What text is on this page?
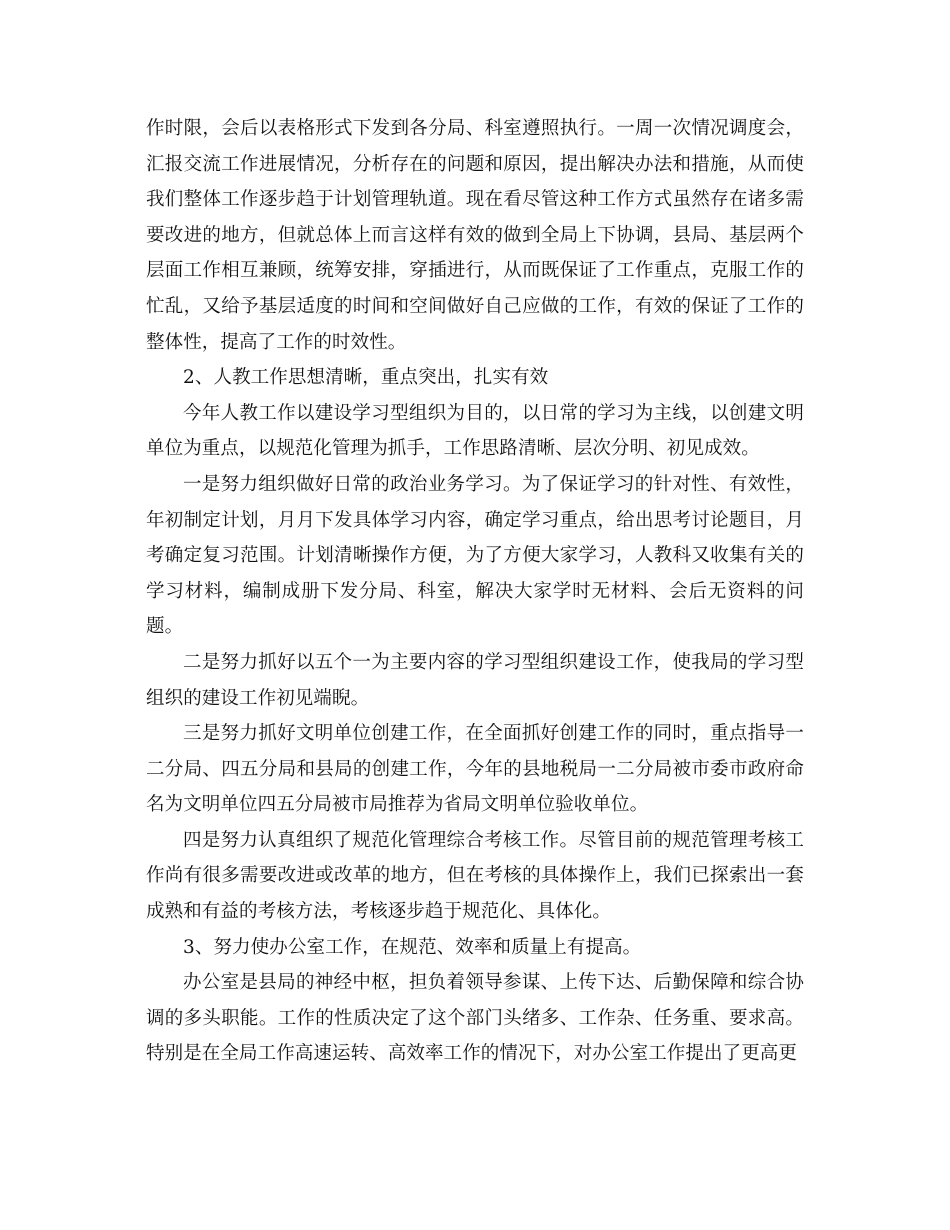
作时限，会后以表格形式下发到各分局、科室遵照执行。一周一次情况调度会，汇报交流工作进展情况，分析存在的问题和原因，提出解决办法和措施，从而使我们整体工作逐步趋于计划管理轨道。现在看尽管这种工作方式虽然存在诸多需要改进的地方，但就总体上而言这样有效的做到全局上下协调，县局、基层两个层面工作相互兼顾，统筹安排，穿插进行，从而既保证了工作重点，克服工作的忙乱，又给予基层适度的时间和空间做好自己应做的工作，有效的保证了工作的整体性，提高了工作的时效性。

2、人教工作思想清晰，重点突出，扎实有效

今年人教工作以建设学习型组织为目的，以日常的学习为主线，以创建文明单位为重点，以规范化管理为抓手，工作思路清晰、层次分明、初见成效。

一是努力组织做好日常的政治业务学习。为了保证学习的针对性、有效性，年初制定计划，月月下发具体学习内容，确定学习重点，给出思考讨论题目，月考确定复习范围。计划清晰操作方便，为了方便大家学习，人教科又收集有关的学习材料，编制成册下发分局、科室，解决大家学时无材料、会后无资料的问题。

二是努力抓好以五个一为主要内容的学习型组织建设工作，使我局的学习型组织的建设工作初见端睨。

三是努力抓好文明单位创建工作，在全面抓好创建工作的同时，重点指导一二分局、四五分局和县局的创建工作，今年的县地税局一二分局被市委市政府命名为文明单位四五分局被市局推荐为省局文明单位验收单位。

四是努力认真组织了规范化管理综合考核工作。尽管目前的规范管理考核工作尚有很多需要改进或改革的地方，但在考核的具体操作上，我们已探索出一套成熟和有益的考核方法，考核逐步趋于规范化、具体化。

3、努力使办公室工作，在规范、效率和质量上有提高。

办公室是县局的神经中枢，担负着领导参谋、上传下达、后勤保障和综合协调的多头职能。工作的性质决定了这个部门头绪多、工作杂、任务重、要求高。特别是在全局工作高速运转、高效率工作的情况下，对办公室工作提出了更高更
